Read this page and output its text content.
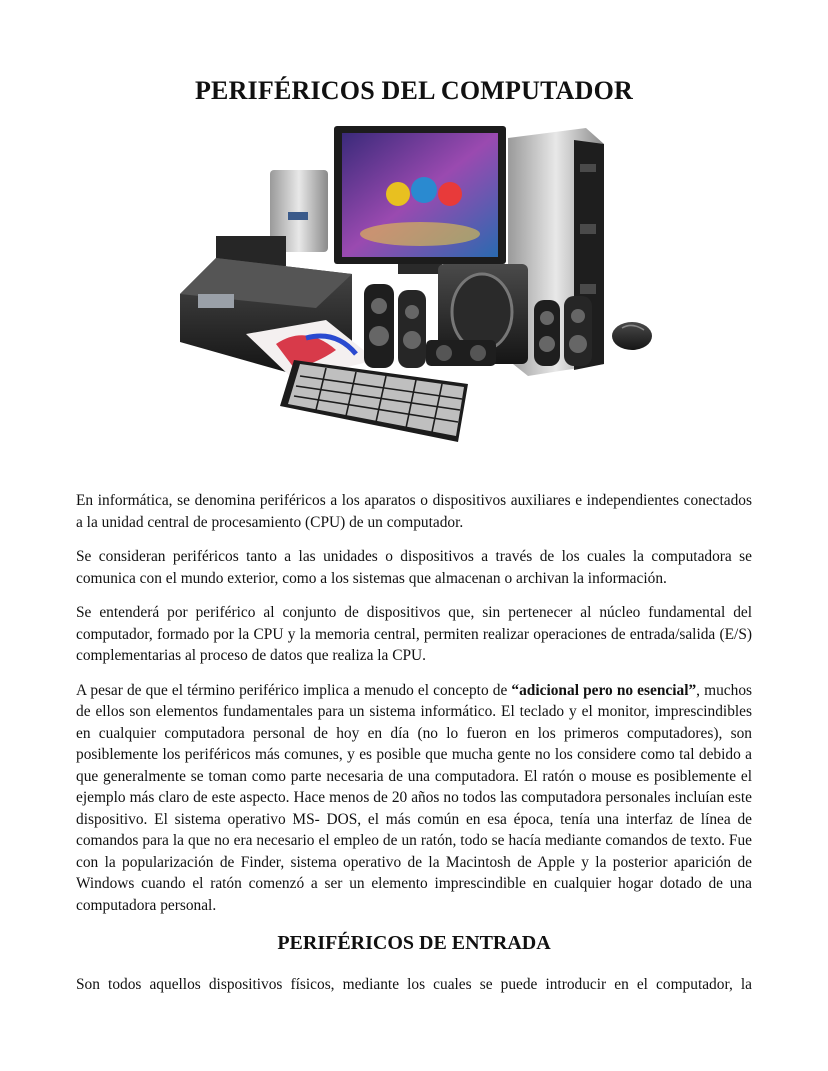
PERIFÉRICOS DEL COMPUTADOR

En informática, se denomina periféricos a los aparatos o dispositivos auxiliares e independientes conectados a la unidad central de procesamiento (CPU) de un computador.

Se consideran periféricos tanto a las unidades o dispositivos a través de los cuales la computadora se comunica con el mundo exterior, como a los sistemas que almacenan o archivan la información.

Se entenderá por periférico al conjunto de dispositivos que, sin pertenecer al núcleo fundamental del computador, formado por la CPU y la memoria central, permiten realizar operaciones de entrada/salida (E/S) complementarias al proceso de datos que realiza la CPU.

A pesar de que el término periférico implica a menudo el concepto de “adicional pero no esencial”, muchos de ellos son elementos fundamentales para un sistema informático. El teclado y el monitor, imprescindibles en cualquier computadora personal de hoy en día (no lo fueron en los primeros computadores), son posiblemente los periféricos más comunes, y es posible que mucha gente no los considere como tal debido a que generalmente se toman como parte necesaria de una computadora. El ratón o mouse es posiblemente el ejemplo más claro de este aspecto. Hace menos de 20 años no todos las computadora personales incluían este dispositivo. El sistema operativo MS- DOS, el más común en esa época, tenía una interfaz de línea de comandos para la que no era necesario el empleo de un ratón, todo se hacía mediante comandos de texto. Fue con la popularización de Finder, sistema operativo de la Macintosh de Apple y la posterior aparición de Windows cuando el ratón comenzó a ser un elemento imprescindible en cualquier hogar dotado de una computadora personal.

PERIFÉRICOS DE ENTRADA
Son todos aquellos dispositivos físicos, mediante los cuales se puede introducir en el computador, la
